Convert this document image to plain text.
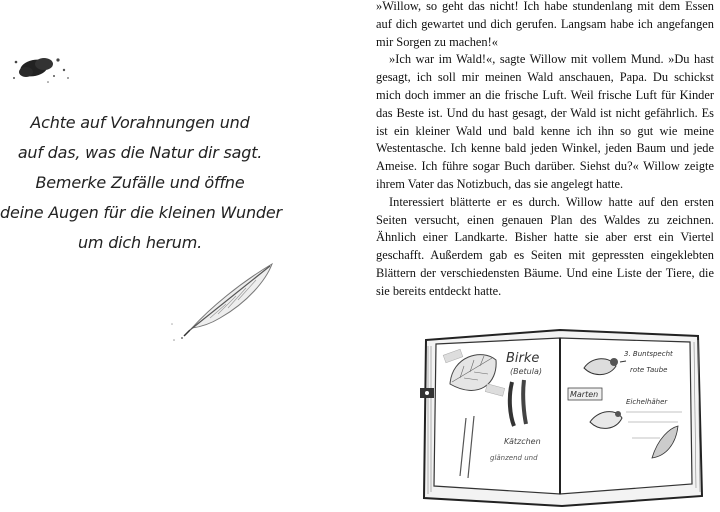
Achte auf Vorahnungen und
auf das, was die Natur dir sagt.
Bemerke Zufälle und öffne
deine Augen für die kleinen Wunder
um dich herum.

»Willow, so geht das nicht! Ich habe stundenlang mit dem Essen auf dich gewartet und dich gerufen. Langsam habe ich angefangen mir Sorgen zu machen!«

»Ich war im Wald!«, sagte Willow mit vollem Mund. »Du hast gesagt, ich soll mir meinen Wald anschauen, Papa. Du schickst mich doch immer an die frische Luft. Weil frische Luft für Kinder das Beste ist. Und du hast gesagt, der Wald ist nicht gefährlich. Es ist ein kleiner Wald und bald kenne ich ihn so gut wie meine Westentasche. Ich kenne bald jeden Winkel, jeden Baum und jede Ameise. Ich führe sogar Buch darüber. Siehst du?« Willow zeigte ihrem Vater das Notizbuch, das sie angelegt hatte.

Interessiert blätterte er es durch. Willow hatte auf den ersten Seiten versucht, einen genauen Plan des Waldes zu zeichnen. Ähnlich einer Landkarte. Bisher hatte sie aber erst ein Viertel geschafft. Außerdem gab es Seiten mit gepressten eingeklebten Blättern der verschiedensten Bäume. Und eine Liste der Tiere, die sie bereits entdeckt hatte.

Birke
(Betula)
Kätzchen
glänzend und
Marten
3. Buntspecht
rote Taube
Eichelhäher
